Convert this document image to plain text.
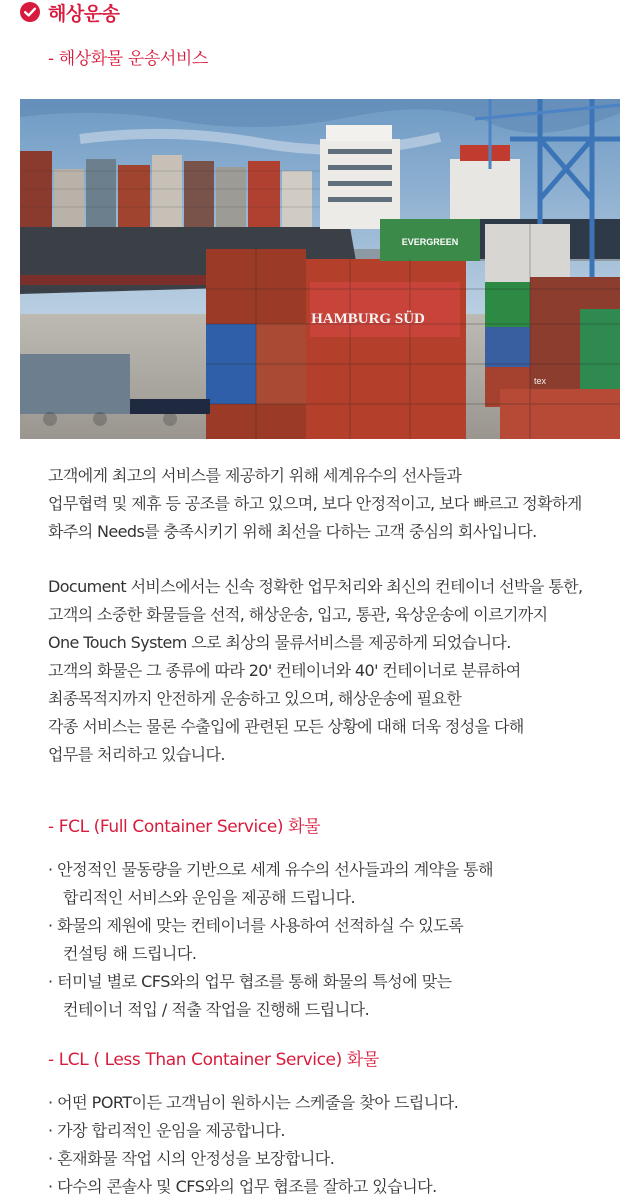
해상운송
- 해상화물 운송서비스
HAMBURG SÜD
EVERGREEN
tex
고객에게 최고의 서비스를 제공하기 위해 세계유수의 선사들과
업무협력 및 제휴 등 공조를 하고 있으며, 보다 안정적이고, 보다 빠르고 정확하게
화주의 Needs를 충족시키기 위해 최선을 다하는 고객 중심의 회사입니다.
Document 서비스에서는 신속 정확한 업무처리와 최신의 컨테이너 선박을 통한,
고객의 소중한 화물들을 선적, 해상운송, 입고, 통관, 육상운송에 이르기까지
One Touch System 으로 최상의 물류서비스를 제공하게 되었습니다.
고객의 화물은 그 종류에 따라 20' 컨테이너와 40' 컨테이너로 분류하여
최종목적지까지 안전하게 운송하고 있으며, 해상운송에 필요한
각종 서비스는 물론 수출입에 관련된 모든 상황에 대해 더욱 정성을 다해
업무를 처리하고 있습니다.
- FCL (Full Container Service) 화물
· 안정적인 물동량을 기반으로 세계 유수의 선사들과의 계약을 통해
합리적인 서비스와 운임을 제공해 드립니다.
· 화물의 제원에 맞는 컨테이너를 사용하여 선적하실 수 있도록
컨설팅 해 드립니다.
· 터미널 별로 CFS와의 업무 협조를 통해 화물의 특성에 맞는
컨테이너 적입 / 적출 작업을 진행해 드립니다.
- LCL ( Less Than Container Service) 화물
· 어떤 PORT이든 고객님이 원하시는 스케줄을 찾아 드립니다.
· 가장 합리적인 운임을 제공합니다.
· 혼재화물 작업 시의 안정성을 보장합니다.
· 다수의 콘솔사 및 CFS와의 업무 협조를 잘하고 있습니다.
